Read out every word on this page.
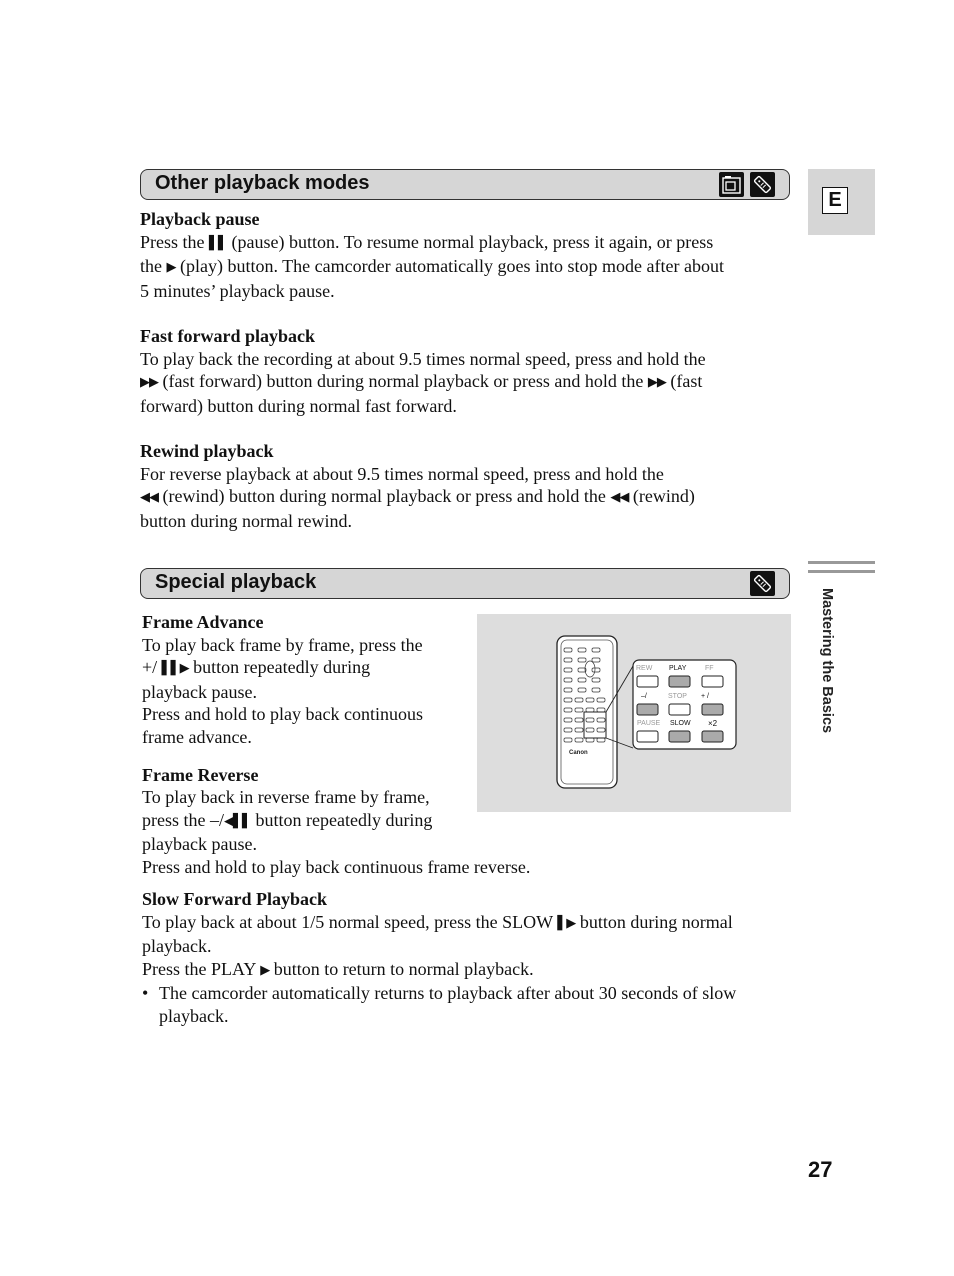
Other playback modes
Playback pause
Press the ▌▌ (pause) button. To resume normal playback, press it again, or press
the ▶ (play) button. The camcorder automatically goes into stop mode after about
5 minutes’ playback pause.
Fast forward playback
To play back the recording at about 9.5 times normal speed, press and hold the
▶▶ (fast forward) button during normal playback or press and hold the ▶▶ (fast
forward) button during normal fast forward.
Rewind playback
For reverse playback at about 9.5 times normal speed, press and hold the
◀◀ (rewind) button during normal playback or press and hold the ◀◀ (rewind)
button during normal rewind.
Special playback
Frame Advance
To play back frame by frame, press the
+/ ▌▌▶ button repeatedly during
playback pause.
Press and hold to play back continuous
frame advance.
Frame Reverse
To play back in reverse frame by frame,
press the –/◀▌▌ button repeatedly during
playback pause.
Press and hold to play back continuous frame reverse.
Slow Forward Playback
To play back at about 1/5 normal speed, press the SLOW ▌▶ button during normal
playback.
Press the PLAY ▶ button to return to normal playback.
• The camcorder automatically returns to playback after about 30 seconds of slow
playback.
Canon
REW PLAY	FF
–/	STOP + /
PAUSE SLOW ×2
E
Mastering the Basics
27
